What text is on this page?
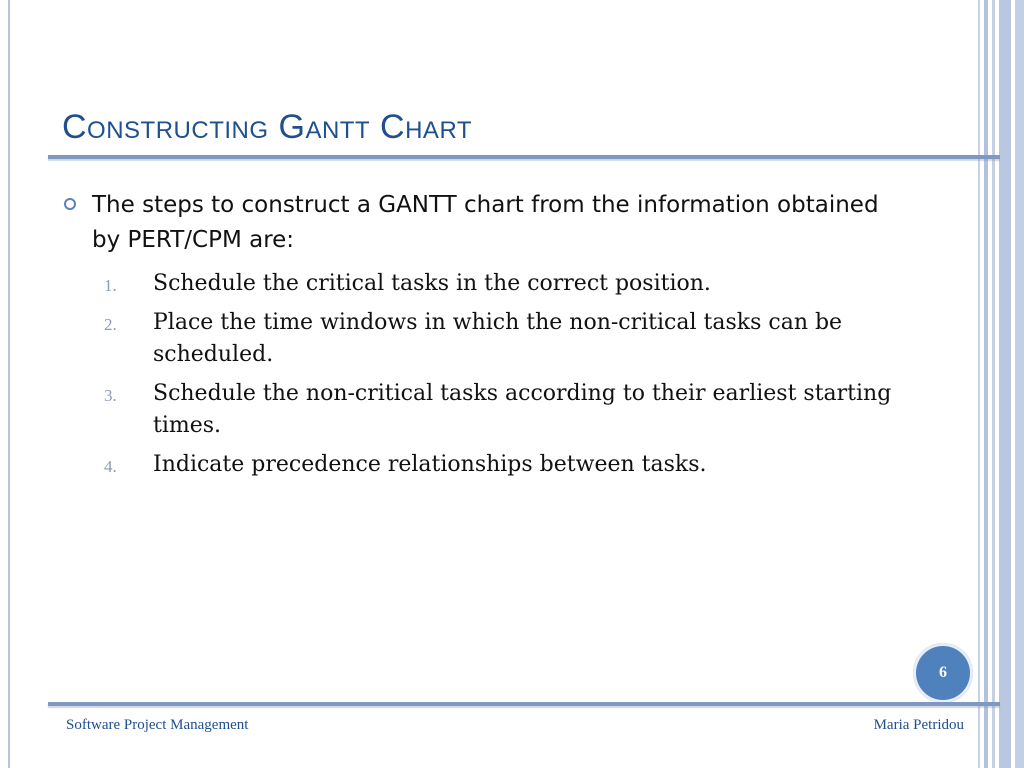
Constructing Gantt Chart
The steps to construct a GANTT chart from the information obtained by PERT/CPM are:
1. Schedule the critical tasks in the correct position.
2. Place the time windows in which the non-critical tasks can be scheduled.
3. Schedule the non-critical tasks according to their earliest starting times.
4. Indicate precedence relationships between tasks.
6
Software Project Management	Maria Petridou
